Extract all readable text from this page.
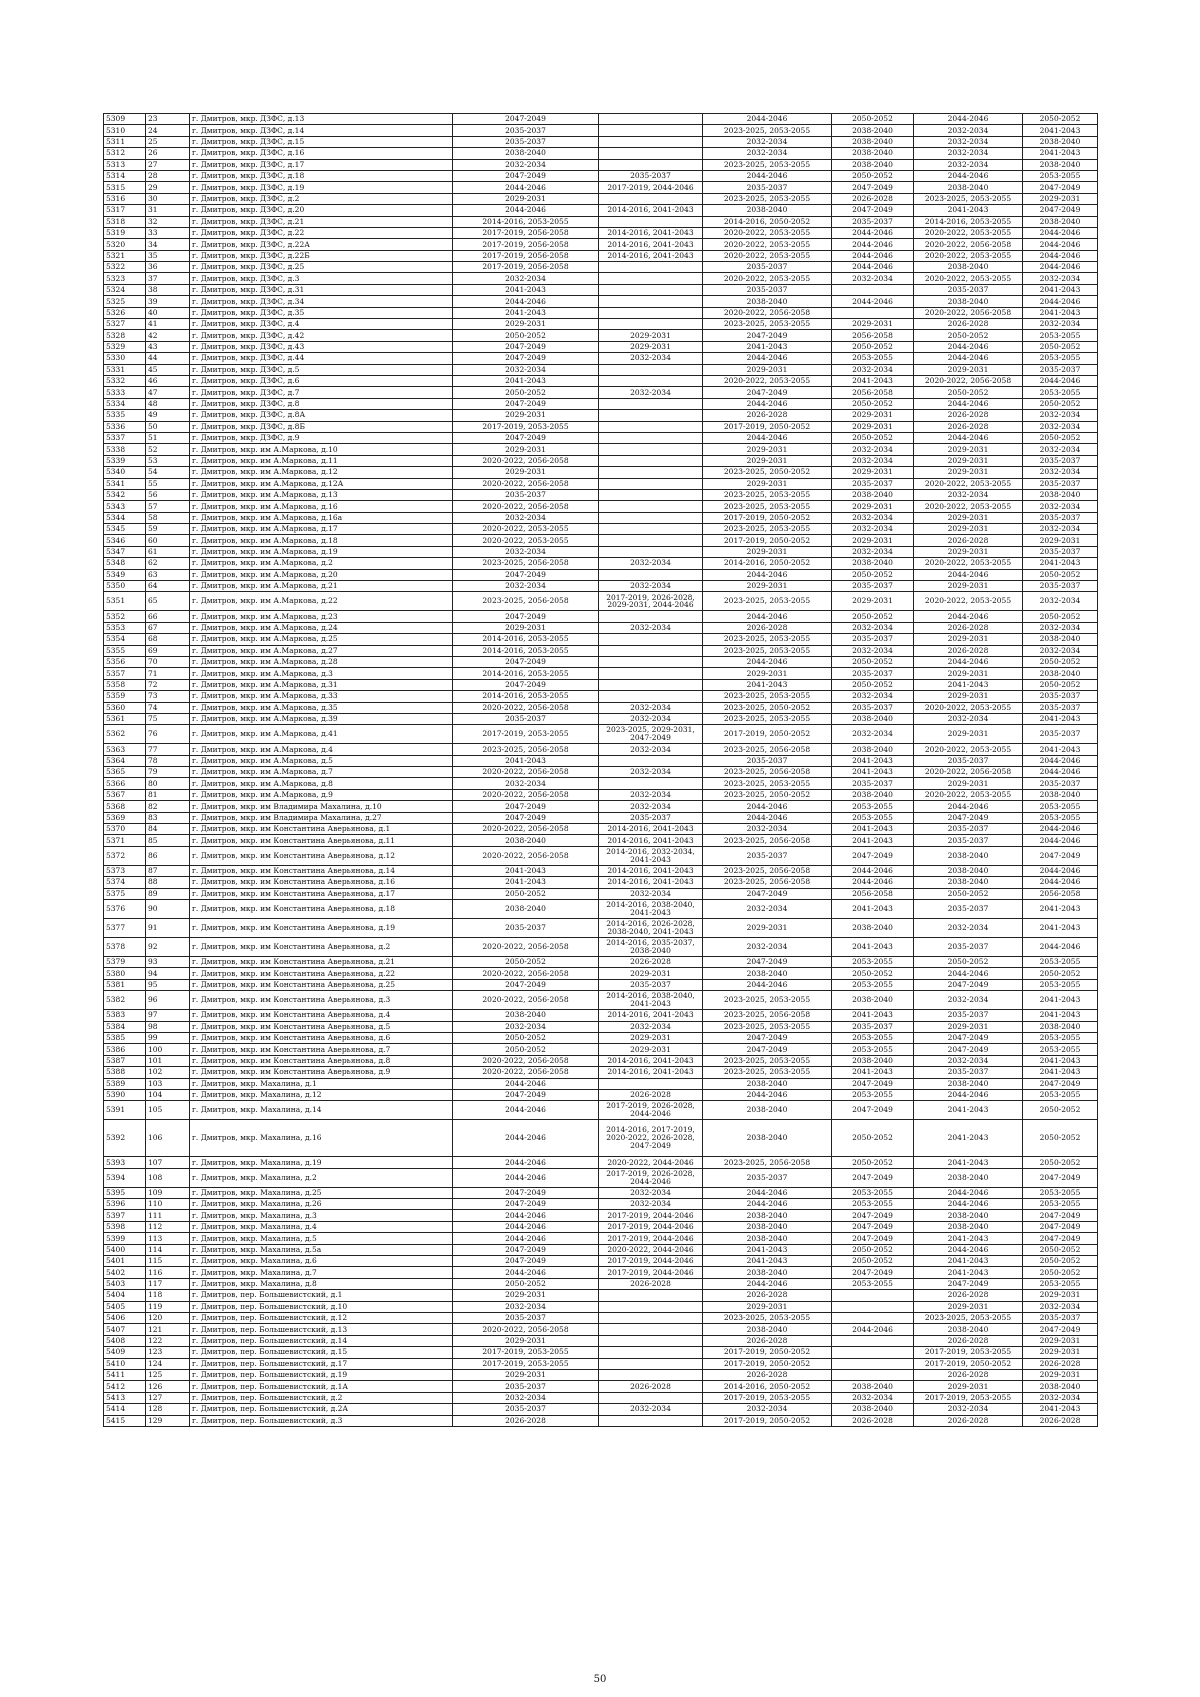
5309	23	г. Дмитров, мкр. ДЗФС, д.13	2047-2049		2044-2046	2050-2052	2044-2046	2050-2052
5310	24	г. Дмитров, мкр. ДЗФС, д.14	2035-2037		2023-2025, 2053-2055	2038-2040	2032-2034	2041-2043
5311	25	г. Дмитров, мкр. ДЗФС, д.15	2035-2037		2032-2034	2038-2040	2032-2034	2038-2040
5312	26	г. Дмитров, мкр. ДЗФС, д.16	2038-2040		2032-2034	2038-2040	2032-2034	2041-2043
5313	27	г. Дмитров, мкр. ДЗФС, д.17	2032-2034		2023-2025, 2053-2055	2038-2040	2032-2034	2038-2040
5314	28	г. Дмитров, мкр. ДЗФС, д.18	2047-2049	2035-2037	2044-2046	2050-2052	2044-2046	2053-2055
5315	29	г. Дмитров, мкр. ДЗФС, д.19	2044-2046	2017-2019, 2044-2046	2035-2037	2047-2049	2038-2040	2047-2049
5316	30	г. Дмитров, мкр. ДЗФС, д.2	2029-2031		2023-2025, 2053-2055	2026-2028	2023-2025, 2053-2055	2029-2031
5317	31	г. Дмитров, мкр. ДЗФС, д.20	2044-2046	2014-2016, 2041-2043	2038-2040	2047-2049	2041-2043	2047-2049
5318	32	г. Дмитров, мкр. ДЗФС, д.21	2014-2016, 2053-2055		2014-2016, 2050-2052	2035-2037	2014-2016, 2053-2055	2038-2040
5319	33	г. Дмитров, мкр. ДЗФС, д.22	2017-2019, 2056-2058	2014-2016, 2041-2043	2020-2022, 2053-2055	2044-2046	2020-2022, 2053-2055	2044-2046
5320	34	г. Дмитров, мкр. ДЗФС, д.22А	2017-2019, 2056-2058	2014-2016, 2041-2043	2020-2022, 2053-2055	2044-2046	2020-2022, 2056-2058	2044-2046
5321	35	г. Дмитров, мкр. ДЗФС, д.22Б	2017-2019, 2056-2058	2014-2016, 2041-2043	2020-2022, 2053-2055	2044-2046	2020-2022, 2053-2055	2044-2046
5322	36	г. Дмитров, мкр. ДЗФС, д.25	2017-2019, 2056-2058		2035-2037	2044-2046	2038-2040	2044-2046
5323	37	г. Дмитров, мкр. ДЗФС, д.3	2032-2034		2020-2022, 2053-2055	2032-2034	2020-2022, 2053-2055	2032-2034
5324	38	г. Дмитров, мкр. ДЗФС, д.31	2041-2043		2035-2037		2035-2037	2041-2043
5325	39	г. Дмитров, мкр. ДЗФС, д.34	2044-2046		2038-2040	2044-2046	2038-2040	2044-2046
5326	40	г. Дмитров, мкр. ДЗФС, д.35	2041-2043		2020-2022, 2056-2058		2020-2022, 2056-2058	2041-2043
5327	41	г. Дмитров, мкр. ДЗФС, д.4	2029-2031		2023-2025, 2053-2055	2029-2031	2026-2028	2032-2034
5328	42	г. Дмитров, мкр. ДЗФС, д.42	2050-2052	2029-2031	2047-2049	2056-2058	2050-2052	2053-2055
5329	43	г. Дмитров, мкр. ДЗФС, д.43	2047-2049	2029-2031	2041-2043	2050-2052	2044-2046	2050-2052
5330	44	г. Дмитров, мкр. ДЗФС, д.44	2047-2049	2032-2034	2044-2046	2053-2055	2044-2046	2053-2055
5331	45	г. Дмитров, мкр. ДЗФС, д.5	2032-2034		2029-2031	2032-2034	2029-2031	2035-2037
5332	46	г. Дмитров, мкр. ДЗФС, д.6	2041-2043		2020-2022, 2053-2055	2041-2043	2020-2022, 2056-2058	2044-2046
5333	47	г. Дмитров, мкр. ДЗФС, д.7	2050-2052	2032-2034	2047-2049	2056-2058	2050-2052	2053-2055
5334	48	г. Дмитров, мкр. ДЗФС, д.8	2047-2049		2044-2046	2050-2052	2044-2046	2050-2052
5335	49	г. Дмитров, мкр. ДЗФС, д.8А	2029-2031		2026-2028	2029-2031	2026-2028	2032-2034
5336	50	г. Дмитров, мкр. ДЗФС, д.8Б	2017-2019, 2053-2055		2017-2019, 2050-2052	2029-2031	2026-2028	2032-2034
5337	51	г. Дмитров, мкр. ДЗФС, д.9	2047-2049		2044-2046	2050-2052	2044-2046	2050-2052
5338	52	г. Дмитров, мкр. им А.Маркова, д.10	2029-2031		2029-2031	2032-2034	2029-2031	2032-2034
5339	53	г. Дмитров, мкр. им А.Маркова, д.11	2020-2022, 2056-2058		2029-2031	2032-2034	2029-2031	2035-2037
5340	54	г. Дмитров, мкр. им А.Маркова, д.12	2029-2031		2023-2025, 2050-2052	2029-2031	2029-2031	2032-2034
5341	55	г. Дмитров, мкр. им А.Маркова, д.12А	2020-2022, 2056-2058		2029-2031	2035-2037	2020-2022, 2053-2055	2035-2037
5342	56	г. Дмитров, мкр. им А.Маркова, д.13	2035-2037		2023-2025, 2053-2055	2038-2040	2032-2034	2038-2040
5343	57	г. Дмитров, мкр. им А.Маркова, д.16	2020-2022, 2056-2058		2023-2025, 2053-2055	2029-2031	2020-2022, 2053-2055	2032-2034
5344	58	г. Дмитров, мкр. им А.Маркова, д.16а	2032-2034		2017-2019, 2050-2052	2032-2034	2029-2031	2035-2037
5345	59	г. Дмитров, мкр. им А.Маркова, д.17	2020-2022, 2053-2055		2023-2025, 2053-2055	2032-2034	2029-2031	2032-2034
5346	60	г. Дмитров, мкр. им А.Маркова, д.18	2020-2022, 2053-2055		2017-2019, 2050-2052	2029-2031	2026-2028	2029-2031
5347	61	г. Дмитров, мкр. им А.Маркова, д.19	2032-2034		2029-2031	2032-2034	2029-2031	2035-2037
5348	62	г. Дмитров, мкр. им А.Маркова, д.2	2023-2025, 2056-2058	2032-2034	2014-2016, 2050-2052	2038-2040	2020-2022, 2053-2055	2041-2043
5349	63	г. Дмитров, мкр. им А.Маркова, д.20	2047-2049		2044-2046	2050-2052	2044-2046	2050-2052
5350	64	г. Дмитров, мкр. им А.Маркова, д.21	2032-2034	2032-2034	2029-2031	2035-2037	2029-2031	2035-2037
5351	65	г. Дмитров, мкр. им А.Маркова, д.22	2023-2025, 2056-2058	2017-2019, 2026-2028, 2029-2031, 2044-2046	2023-2025, 2053-2055	2029-2031	2020-2022, 2053-2055	2032-2034
5352	66	г. Дмитров, мкр. им А.Маркова, д.23	2047-2049		2044-2046	2050-2052	2044-2046	2050-2052
5353	67	г. Дмитров, мкр. им А.Маркова, д.24	2029-2031	2032-2034	2026-2028	2032-2034	2026-2028	2032-2034
5354	68	г. Дмитров, мкр. им А.Маркова, д.25	2014-2016, 2053-2055		2023-2025, 2053-2055	2035-2037	2029-2031	2038-2040
5355	69	г. Дмитров, мкр. им А.Маркова, д.27	2014-2016, 2053-2055		2023-2025, 2053-2055	2032-2034	2026-2028	2032-2034
5356	70	г. Дмитров, мкр. им А.Маркова, д.28	2047-2049		2044-2046	2050-2052	2044-2046	2050-2052
5357	71	г. Дмитров, мкр. им А.Маркова, д.3	2014-2016, 2053-2055		2029-2031	2035-2037	2029-2031	2038-2040
5358	72	г. Дмитров, мкр. им А.Маркова, д.31	2047-2049		2041-2043	2050-2052	2041-2043	2050-2052
5359	73	г. Дмитров, мкр. им А.Маркова, д.33	2014-2016, 2053-2055		2023-2025, 2053-2055	2032-2034	2029-2031	2035-2037
5360	74	г. Дмитров, мкр. им А.Маркова, д.35	2020-2022, 2056-2058	2032-2034	2023-2025, 2050-2052	2035-2037	2020-2022, 2053-2055	2035-2037
5361	75	г. Дмитров, мкр. им А.Маркова, д.39	2035-2037	2032-2034	2023-2025, 2053-2055	2038-2040	2032-2034	2041-2043
5362	76	г. Дмитров, мкр. им А.Маркова, д.41	2017-2019, 2053-2055	2023-2025, 2029-2031, 2047-2049	2017-2019, 2050-2052	2032-2034	2029-2031	2035-2037
5363	77	г. Дмитров, мкр. им А.Маркова, д.4	2023-2025, 2056-2058	2032-2034	2023-2025, 2056-2058	2038-2040	2020-2022, 2053-2055	2041-2043
5364	78	г. Дмитров, мкр. им А.Маркова, д.5	2041-2043		2035-2037	2041-2043	2035-2037	2044-2046
5365	79	г. Дмитров, мкр. им А.Маркова, д.7	2020-2022, 2056-2058	2032-2034	2023-2025, 2056-2058	2041-2043	2020-2022, 2056-2058	2044-2046
5366	80	г. Дмитров, мкр. им А.Маркова, д.8	2032-2034		2023-2025, 2053-2055	2035-2037	2029-2031	2035-2037
5367	81	г. Дмитров, мкр. им А.Маркова, д.9	2020-2022, 2056-2058	2032-2034	2023-2025, 2050-2052	2038-2040	2020-2022, 2053-2055	2038-2040
5368	82	г. Дмитров, мкр. им Владимира Махалина, д.10	2047-2049	2032-2034	2044-2046	2053-2055	2044-2046	2053-2055
5369	83	г. Дмитров, мкр. им Владимира Махалина, д.27	2047-2049	2035-2037	2044-2046	2053-2055	2047-2049	2053-2055
5370	84	г. Дмитров, мкр. им Константина Аверьянова, д.1	2020-2022, 2056-2058	2014-2016, 2041-2043	2032-2034	2041-2043	2035-2037	2044-2046
5371	85	г. Дмитров, мкр. им Константина Аверьянова, д.11	2038-2040	2014-2016, 2041-2043	2023-2025, 2056-2058	2041-2043	2035-2037	2044-2046
5372	86	г. Дмитров, мкр. им Константина Аверьянова, д.12	2020-2022, 2056-2058	2014-2016, 2032-2034, 2041-2043	2035-2037	2047-2049	2038-2040	2047-2049
5373	87	г. Дмитров, мкр. им Константина Аверьянова, д.14	2041-2043	2014-2016, 2041-2043	2023-2025, 2056-2058	2044-2046	2038-2040	2044-2046
5374	88	г. Дмитров, мкр. им Константина Аверьянова, д.16	2041-2043	2014-2016, 2041-2043	2023-2025, 2056-2058	2044-2046	2038-2040	2044-2046
5375	89	г. Дмитров, мкр. им Константина Аверьянова, д.17	2050-2052	2032-2034	2047-2049	2056-2058	2050-2052	2056-2058
5376	90	г. Дмитров, мкр. им Константина Аверьянова, д.18	2038-2040	2014-2016, 2038-2040, 2041-2043	2032-2034	2041-2043	2035-2037	2041-2043
5377	91	г. Дмитров, мкр. им Константина Аверьянова, д.19	2035-2037	2014-2016, 2026-2028, 2038-2040, 2041-2043	2029-2031	2038-2040	2032-2034	2041-2043
5378	92	г. Дмитров, мкр. им Константина Аверьянова, д.2	2020-2022, 2056-2058	2014-2016, 2035-2037, 2038-2040	2032-2034	2041-2043	2035-2037	2044-2046
5379	93	г. Дмитров, мкр. им Константина Аверьянова, д.21	2050-2052	2026-2028	2047-2049	2053-2055	2050-2052	2053-2055
5380	94	г. Дмитров, мкр. им Константина Аверьянова, д.22	2020-2022, 2056-2058	2029-2031	2038-2040	2050-2052	2044-2046	2050-2052
5381	95	г. Дмитров, мкр. им Константина Аверьянова, д.25	2047-2049	2035-2037	2044-2046	2053-2055	2047-2049	2053-2055
5382	96	г. Дмитров, мкр. им Константина Аверьянова, д.3	2020-2022, 2056-2058	2014-2016, 2038-2040, 2041-2043	2023-2025, 2053-2055	2038-2040	2032-2034	2041-2043
5383	97	г. Дмитров, мкр. им Константина Аверьянова, д.4	2038-2040	2014-2016, 2041-2043	2023-2025, 2056-2058	2041-2043	2035-2037	2041-2043
5384	98	г. Дмитров, мкр. им Константина Аверьянова, д.5	2032-2034	2032-2034	2023-2025, 2053-2055	2035-2037	2029-2031	2038-2040
5385	99	г. Дмитров, мкр. им Константина Аверьянова, д.6	2050-2052	2029-2031	2047-2049	2053-2055	2047-2049	2053-2055
5386	100	г. Дмитров, мкр. им Константина Аверьянова, д.7	2050-2052	2029-2031	2047-2049	2053-2055	2047-2049	2053-2055
5387	101	г. Дмитров, мкр. им Константина Аверьянова, д.8	2020-2022, 2056-2058	2014-2016, 2041-2043	2023-2025, 2053-2055	2038-2040	2032-2034	2041-2043
5388	102	г. Дмитров, мкр. им Константина Аверьянова, д.9	2020-2022, 2056-2058	2014-2016, 2041-2043	2023-2025, 2053-2055	2041-2043	2035-2037	2041-2043
5389	103	г. Дмитров, мкр. Махалина, д.1	2044-2046		2038-2040	2047-2049	2038-2040	2047-2049
5390	104	г. Дмитров, мкр. Махалина, д.12	2047-2049	2026-2028	2044-2046	2053-2055	2044-2046	2053-2055
5391	105	г. Дмитров, мкр. Махалина, д.14	2044-2046	2017-2019, 2026-2028, 2044-2046	2038-2040	2047-2049	2041-2043	2050-2052
5392	106	г. Дмитров, мкр. Махалина, д.16	2044-2046	2014-2016, 2017-2019, 2020-2022, 2026-2028, 2047-2049	2038-2040	2050-2052	2041-2043	2050-2052
5393	107	г. Дмитров, мкр. Махалина, д.19	2044-2046	2020-2022, 2044-2046	2023-2025, 2056-2058	2050-2052	2041-2043	2050-2052
5394	108	г. Дмитров, мкр. Махалина, д.2	2044-2046	2017-2019, 2026-2028, 2044-2046	2035-2037	2047-2049	2038-2040	2047-2049
5395	109	г. Дмитров, мкр. Махалина, д.25	2047-2049	2032-2034	2044-2046	2053-2055	2044-2046	2053-2055
5396	110	г. Дмитров, мкр. Махалина, д.26	2047-2049	2032-2034	2044-2046	2053-2055	2044-2046	2053-2055
5397	111	г. Дмитров, мкр. Махалина, д.3	2044-2046	2017-2019, 2044-2046	2038-2040	2047-2049	2038-2040	2047-2049
5398	112	г. Дмитров, мкр. Махалина, д.4	2044-2046	2017-2019, 2044-2046	2038-2040	2047-2049	2038-2040	2047-2049
5399	113	г. Дмитров, мкр. Махалина, д.5	2044-2046	2017-2019, 2044-2046	2038-2040	2047-2049	2041-2043	2047-2049
5400	114	г. Дмитров, мкр. Махалина, д.5а	2047-2049	2020-2022, 2044-2046	2041-2043	2050-2052	2044-2046	2050-2052
5401	115	г. Дмитров, мкр. Махалина, д.6	2047-2049	2017-2019, 2044-2046	2041-2043	2050-2052	2041-2043	2050-2052
5402	116	г. Дмитров, мкр. Махалина, д.7	2044-2046	2017-2019, 2044-2046	2038-2040	2047-2049	2041-2043	2050-2052
5403	117	г. Дмитров, мкр. Махалина, д.8	2050-2052	2026-2028	2044-2046	2053-2055	2047-2049	2053-2055
5404	118	г. Дмитров, пер. Большевистский, д.1	2029-2031		2026-2028		2026-2028	2029-2031
5405	119	г. Дмитров, пер. Большевистский, д.10	2032-2034		2029-2031		2029-2031	2032-2034
5406	120	г. Дмитров, пер. Большевистский, д.12	2035-2037		2023-2025, 2053-2055		2023-2025, 2053-2055	2035-2037
5407	121	г. Дмитров, пер. Большевистский, д.13	2020-2022, 2056-2058		2038-2040	2044-2046	2038-2040	2047-2049
5408	122	г. Дмитров, пер. Большевистский, д.14	2029-2031		2026-2028		2026-2028	2029-2031
5409	123	г. Дмитров, пер. Большевистский, д.15	2017-2019, 2053-2055		2017-2019, 2050-2052		2017-2019, 2053-2055	2029-2031
5410	124	г. Дмитров, пер. Большевистский, д.17	2017-2019, 2053-2055		2017-2019, 2050-2052		2017-2019, 2050-2052	2026-2028
5411	125	г. Дмитров, пер. Большевистский, д.19	2029-2031		2026-2028		2026-2028	2029-2031
5412	126	г. Дмитров, пер. Большевистский, д.1А	2035-2037	2026-2028	2014-2016, 2050-2052	2038-2040	2029-2031	2038-2040
5413	127	г. Дмитров, пер. Большевистский, д.2	2032-2034		2017-2019, 2053-2055	2032-2034	2017-2019, 2053-2055	2032-2034
5414	128	г. Дмитров, пер. Большевистский, д.2А	2035-2037	2032-2034	2032-2034	2038-2040	2032-2034	2041-2043
5415	129	г. Дмитров, пер. Большевистский, д.3	2026-2028		2017-2019, 2050-2052	2026-2028	2026-2028	2026-2028
50
